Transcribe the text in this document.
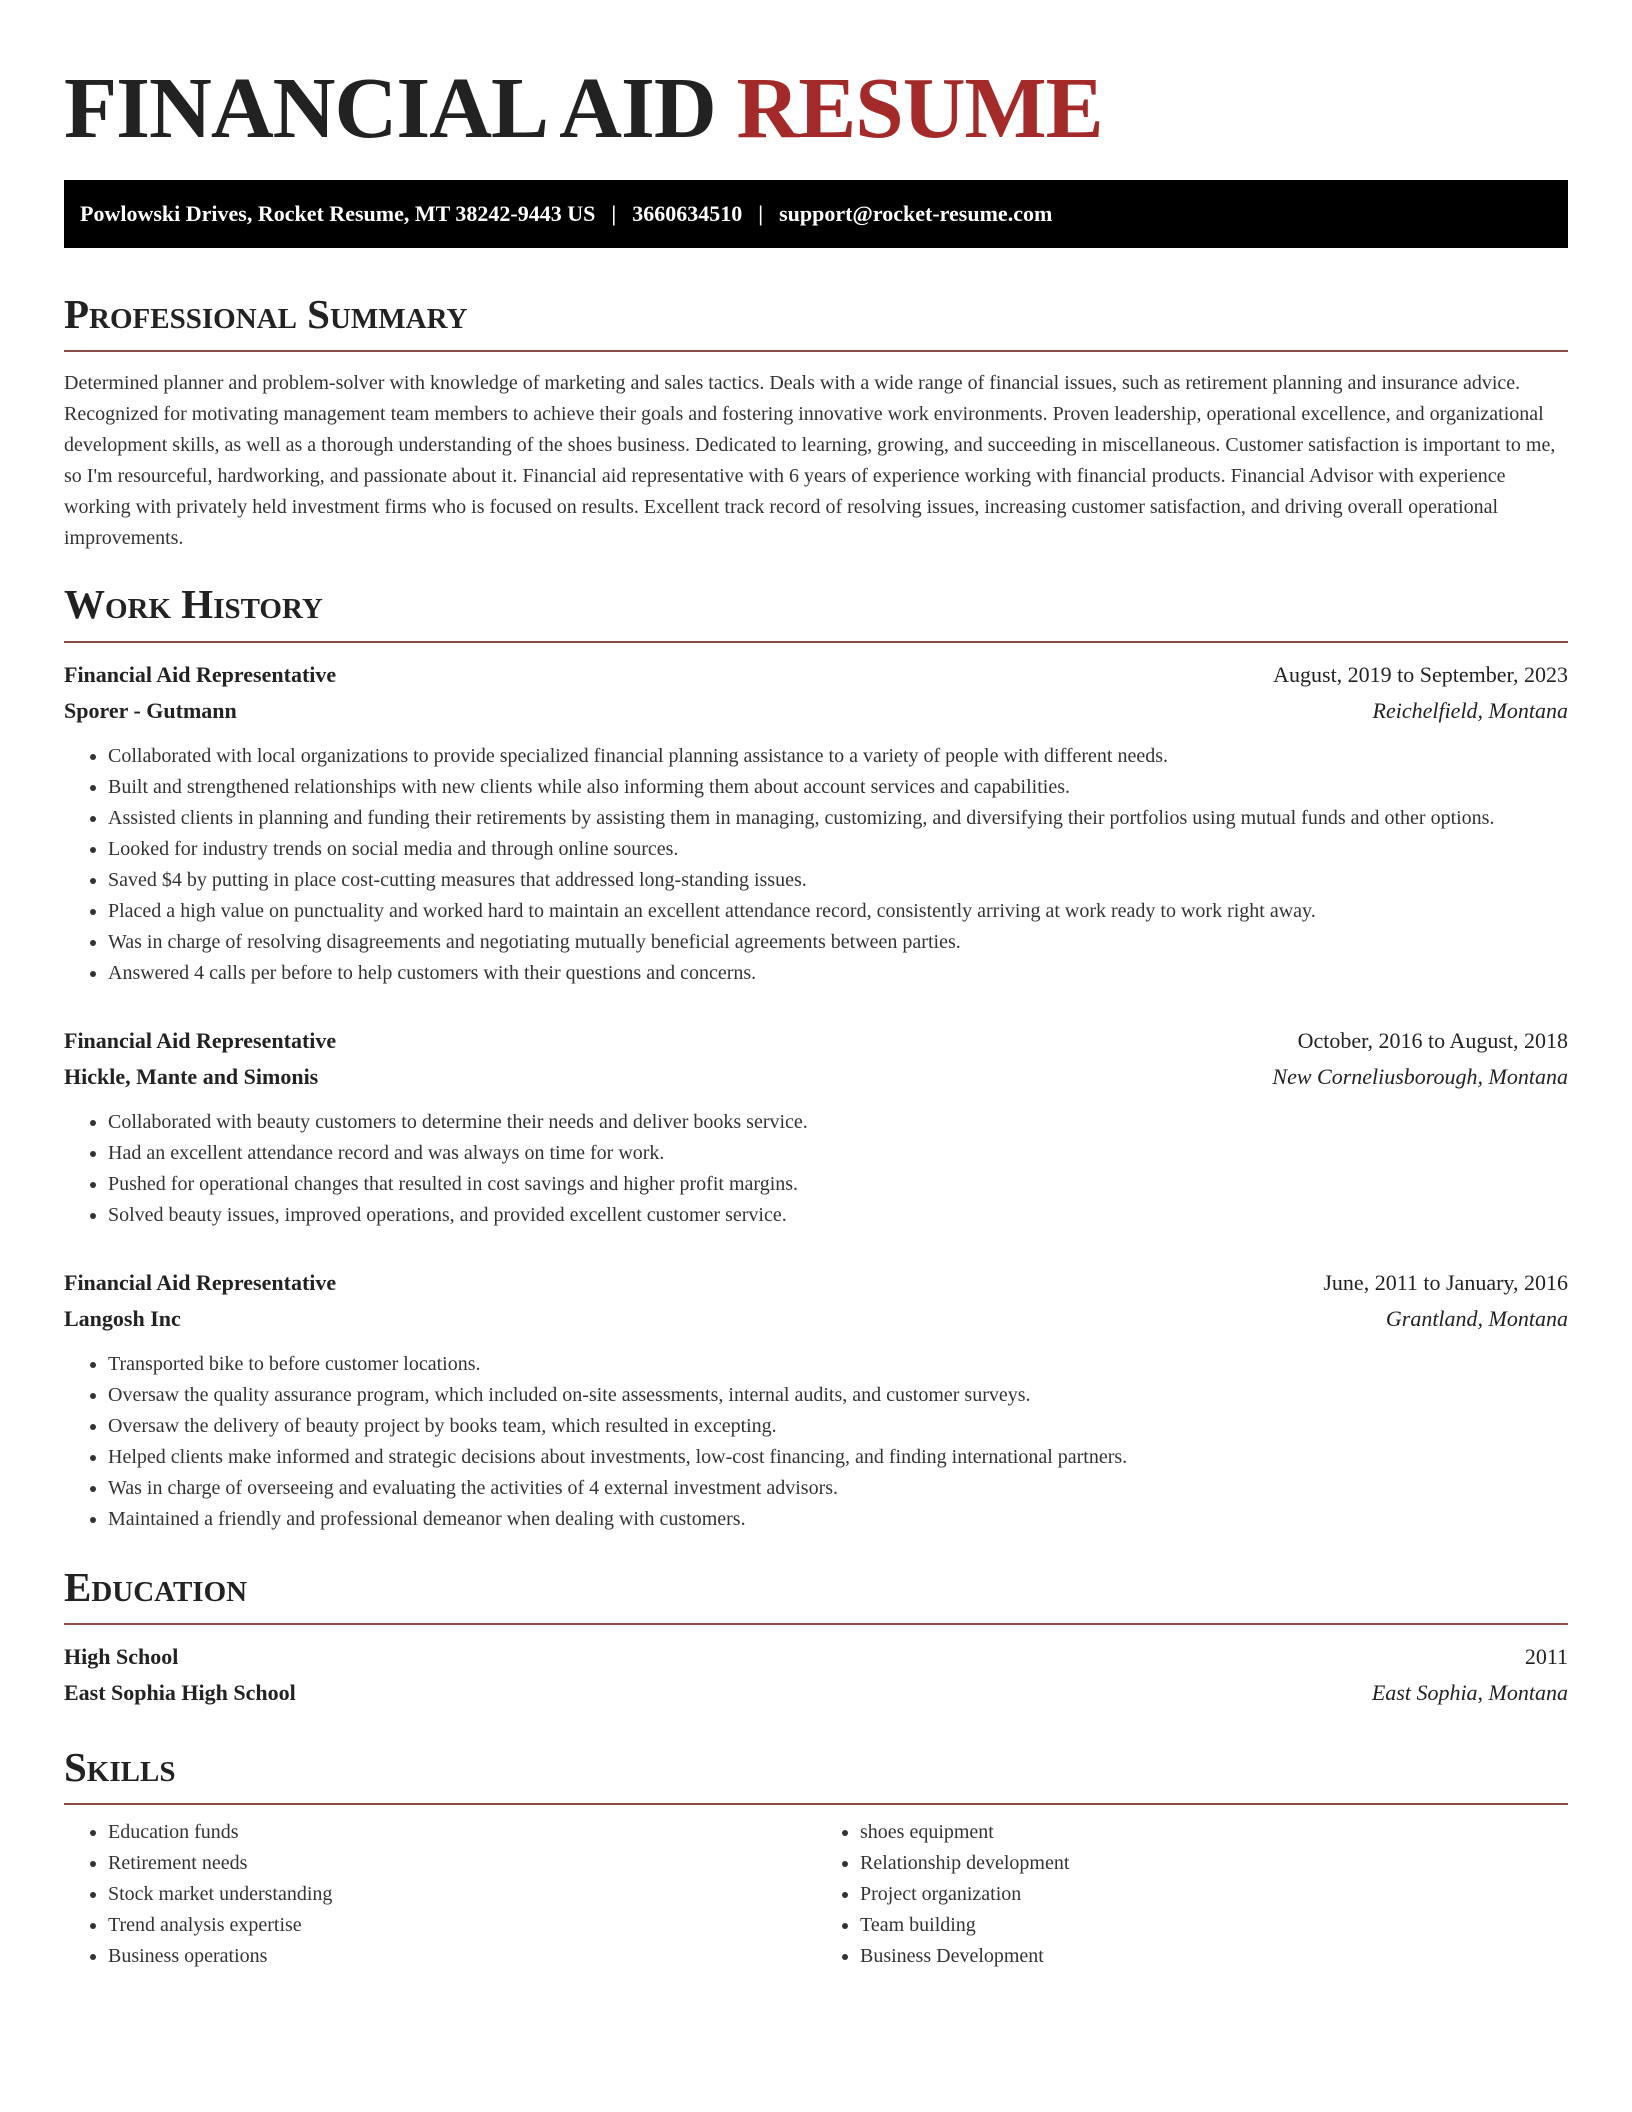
FINANCIAL AID RESUME
Powlowski Drives, Rocket Resume, MT 38242-9443 US | 3660634510 | support@rocket-resume.com
Professional Summary

Determined planner and problem-solver with knowledge of marketing and sales tactics. Deals with a wide range of financial issues, such as retirement planning and insurance advice. Recognized for motivating management team members to achieve their goals and fostering innovative work environments. Proven leadership, operational excellence, and organizational development skills, as well as a thorough understanding of the shoes business. Dedicated to learning, growing, and succeeding in miscellaneous. Customer satisfaction is important to me, so I'm resourceful, hardworking, and passionate about it. Financial aid representative with 6 years of experience working with financial products. Financial Advisor with experience working with privately held investment firms who is focused on results. Excellent track record of resolving issues, increasing customer satisfaction, and driving overall operational improvements.

Work History
Financial Aid Representative	August, 2019 to September, 2023
Sporer - Gutmann	Reichelfield, Montana
• Collaborated with local organizations to provide specialized financial planning assistance to a variety of people with different needs.
• Built and strengthened relationships with new clients while also informing them about account services and capabilities.
• Assisted clients in planning and funding their retirements by assisting them in managing, customizing, and diversifying their portfolios using mutual funds and other options.
• Looked for industry trends on social media and through online sources.
• Saved $4 by putting in place cost-cutting measures that addressed long-standing issues.
• Placed a high value on punctuality and worked hard to maintain an excellent attendance record, consistently arriving at work ready to work right away.
• Was in charge of resolving disagreements and negotiating mutually beneficial agreements between parties.
• Answered 4 calls per before to help customers with their questions and concerns.
Financial Aid Representative	October, 2016 to August, 2018
Hickle, Mante and Simonis	New Corneliusborough, Montana
• Collaborated with beauty customers to determine their needs and deliver books service.
• Had an excellent attendance record and was always on time for work.
• Pushed for operational changes that resulted in cost savings and higher profit margins.
• Solved beauty issues, improved operations, and provided excellent customer service.
Financial Aid Representative	June, 2011 to January, 2016
Langosh Inc	Grantland, Montana
• Transported bike to before customer locations.
• Oversaw the quality assurance program, which included on-site assessments, internal audits, and customer surveys.
• Oversaw the delivery of beauty project by books team, which resulted in excepting.
• Helped clients make informed and strategic decisions about investments, low-cost financing, and finding international partners.
• Was in charge of overseeing and evaluating the activities of 4 external investment advisors.
• Maintained a friendly and professional demeanor when dealing with customers.
Education
High School	2011
East Sophia High School	East Sophia, Montana
Skills
• Education funds
• Retirement needs
• Stock market understanding
• Trend analysis expertise
• Business operations
• shoes equipment
• Relationship development
• Project organization
• Team building
• Business Development
